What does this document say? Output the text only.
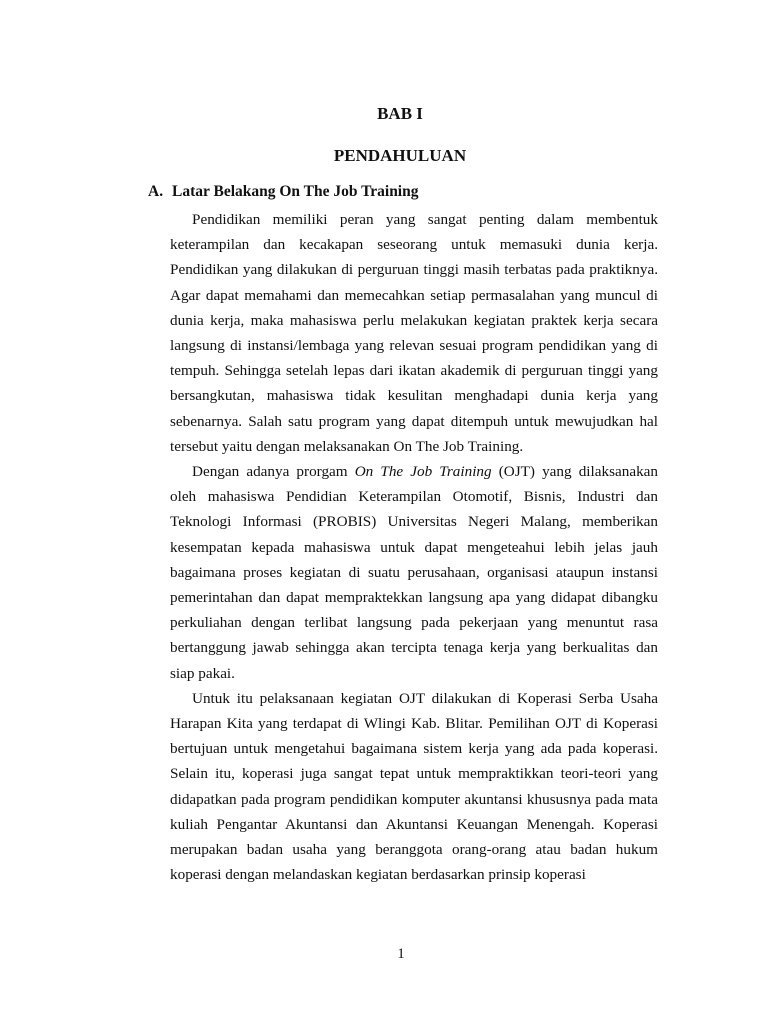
BAB I
PENDAHULUAN
A. Latar Belakang On The Job Training

Pendidikan memiliki peran yang sangat penting dalam membentuk keterampilan dan kecakapan seseorang untuk memasuki dunia kerja. Pendidikan yang dilakukan di perguruan tinggi masih terbatas pada praktiknya. Agar dapat memahami dan memecahkan setiap permasalahan yang muncul di dunia kerja, maka mahasiswa perlu melakukan kegiatan praktek kerja secara langsung di instansi/lembaga yang relevan sesuai program pendidikan yang di tempuh. Sehingga setelah lepas dari ikatan akademik di perguruan tinggi yang bersangkutan, mahasiswa tidak kesulitan menghadapi dunia kerja yang sebenarnya. Salah satu program yang dapat ditempuh untuk mewujudkan hal tersebut yaitu dengan melaksanakan On The Job Training.

Dengan adanya prorgam On The Job Training (OJT) yang dilaksanakan oleh mahasiswa Pendidian Keterampilan Otomotif, Bisnis, Industri dan Teknologi Informasi (PROBIS) Universitas Negeri Malang, memberikan kesempatan kepada mahasiswa untuk dapat mengeteahui lebih jelas jauh bagaimana proses kegiatan di suatu perusahaan, organisasi ataupun instansi pemerintahan dan dapat mempraktekkan langsung apa yang didapat dibangku perkuliahan dengan terlibat langsung pada pekerjaan yang menuntut rasa bertanggung jawab sehingga akan tercipta tenaga kerja yang berkualitas dan siap pakai.

Untuk itu pelaksanaan kegiatan OJT dilakukan di Koperasi Serba Usaha Harapan Kita yang terdapat di Wlingi Kab. Blitar. Pemilihan OJT di Koperasi bertujuan untuk mengetahui bagaimana sistem kerja yang ada pada koperasi. Selain itu, koperasi juga sangat tepat untuk mempraktikkan teori-teori yang didapatkan pada program pendidikan komputer akuntansi khususnya pada mata kuliah Pengantar Akuntansi dan Akuntansi Keuangan Menengah. Koperasi merupakan badan usaha yang beranggota orang-orang atau badan hukum koperasi dengan melandaskan kegiatan berdasarkan prinsip koperasi

1
